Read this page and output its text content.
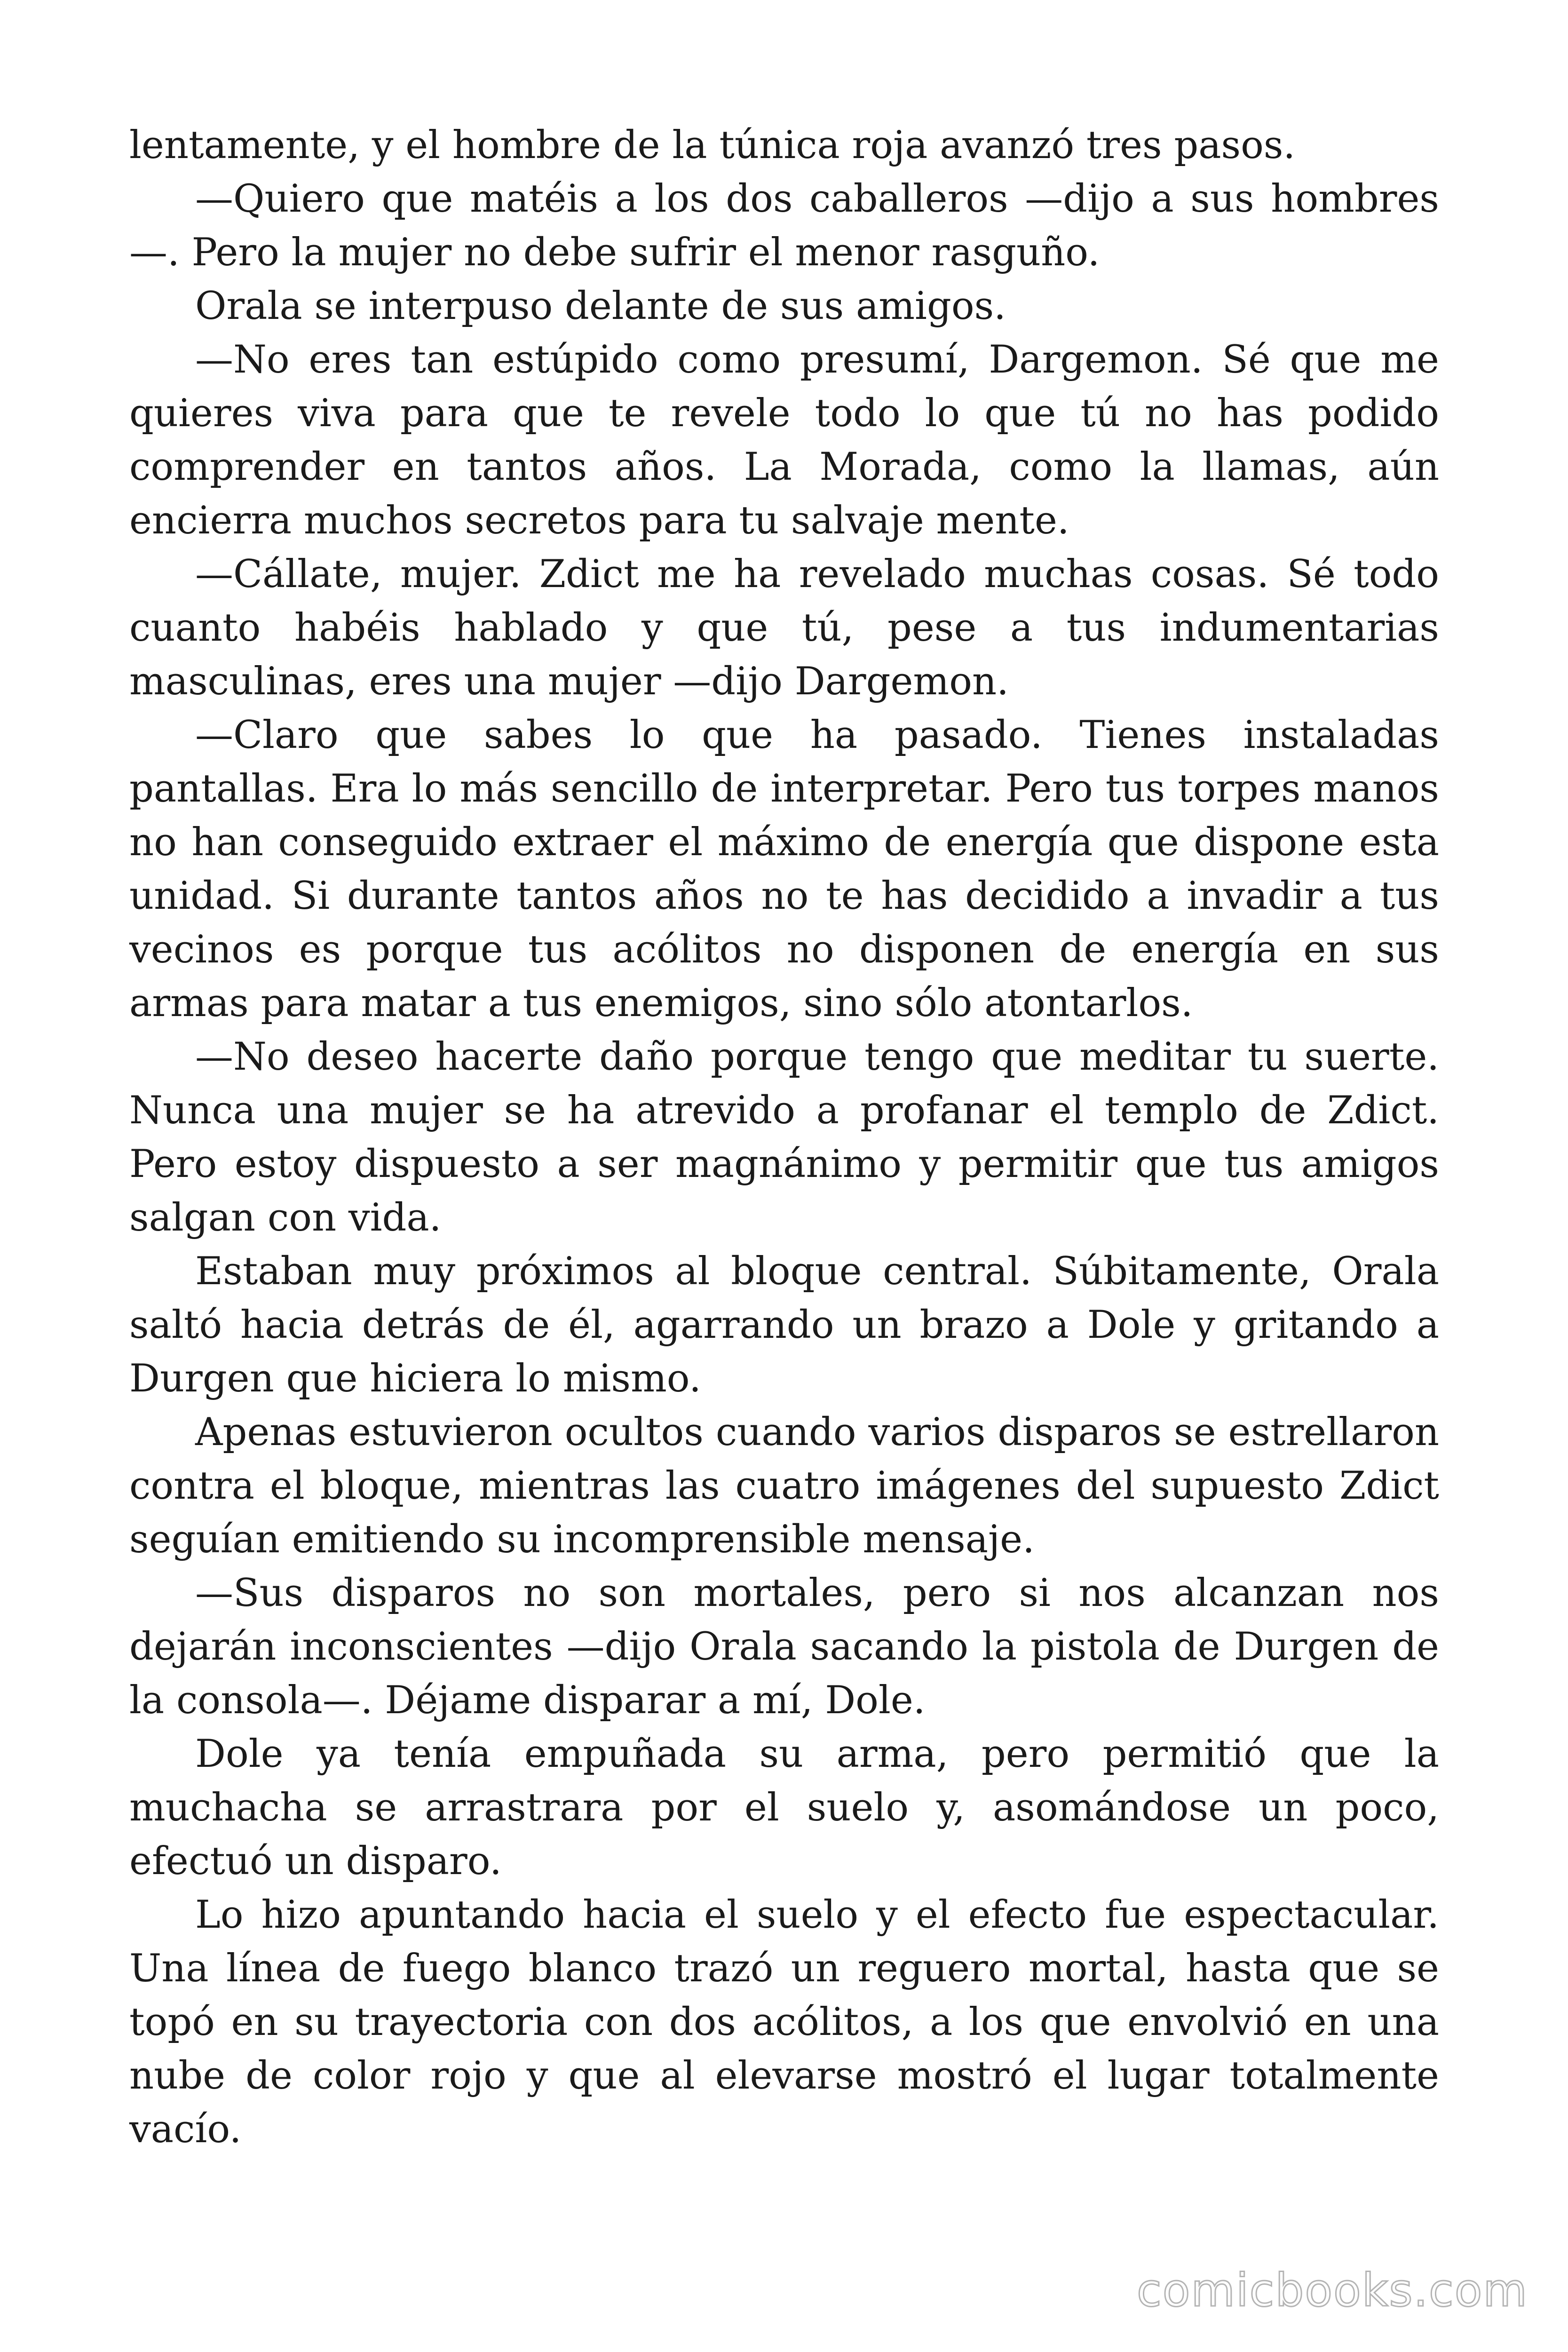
lentamente, y el hombre de la túnica roja avanzó tres pasos.

—Quiero que matéis a los dos caballeros —dijo a sus hombres—. Pero la mujer no debe sufrir el menor rasguño.

Orala se interpuso delante de sus amigos.

—No eres tan estúpido como presumí, Dargemon. Sé que me quieres viva para que te revele todo lo que tú no has podido comprender en tantos años. La Morada, como la llamas, aún encierra muchos secretos para tu salvaje mente.

—Cállate, mujer. Zdict me ha revelado muchas cosas. Sé todo cuanto habéis hablado y que tú, pese a tus indumentarias masculinas, eres una mujer —dijo Dargemon.

—Claro que sabes lo que ha pasado. Tienes instaladas pantallas. Era lo más sencillo de interpretar. Pero tus torpes manos no han conseguido extraer el máximo de energía que dispone esta unidad. Si durante tantos años no te has decidido a invadir a tus vecinos es porque tus acólitos no disponen de energía en sus armas para matar a tus enemigos, sino sólo atontarlos.

—No deseo hacerte daño porque tengo que meditar tu suerte. Nunca una mujer se ha atrevido a profanar el templo de Zdict. Pero estoy dispuesto a ser magnánimo y permitir que tus amigos salgan con vida.

Estaban muy próximos al bloque central. Súbitamente, Orala saltó hacia detrás de él, agarrando un brazo a Dole y gritando a Durgen que hiciera lo mismo.

Apenas estuvieron ocultos cuando varios disparos se estrellaron contra el bloque, mientras las cuatro imágenes del supuesto Zdict seguían emitiendo su incomprensible mensaje.

—Sus disparos no son mortales, pero si nos alcanzan nos dejarán inconscientes —dijo Orala sacando la pistola de Durgen de la consola—. Déjame disparar a mí, Dole.

Dole ya tenía empuñada su arma, pero permitió que la muchacha se arrastrara por el suelo y, asomándose un poco, efectuó un disparo.

Lo hizo apuntando hacia el suelo y el efecto fue espectacular. Una línea de fuego blanco trazó un reguero mortal, hasta que se topó en su trayectoria con dos acólitos, a los que envolvió en una nube de color rojo y que al elevarse mostró el lugar totalmente vacío.

comicbooks.com
